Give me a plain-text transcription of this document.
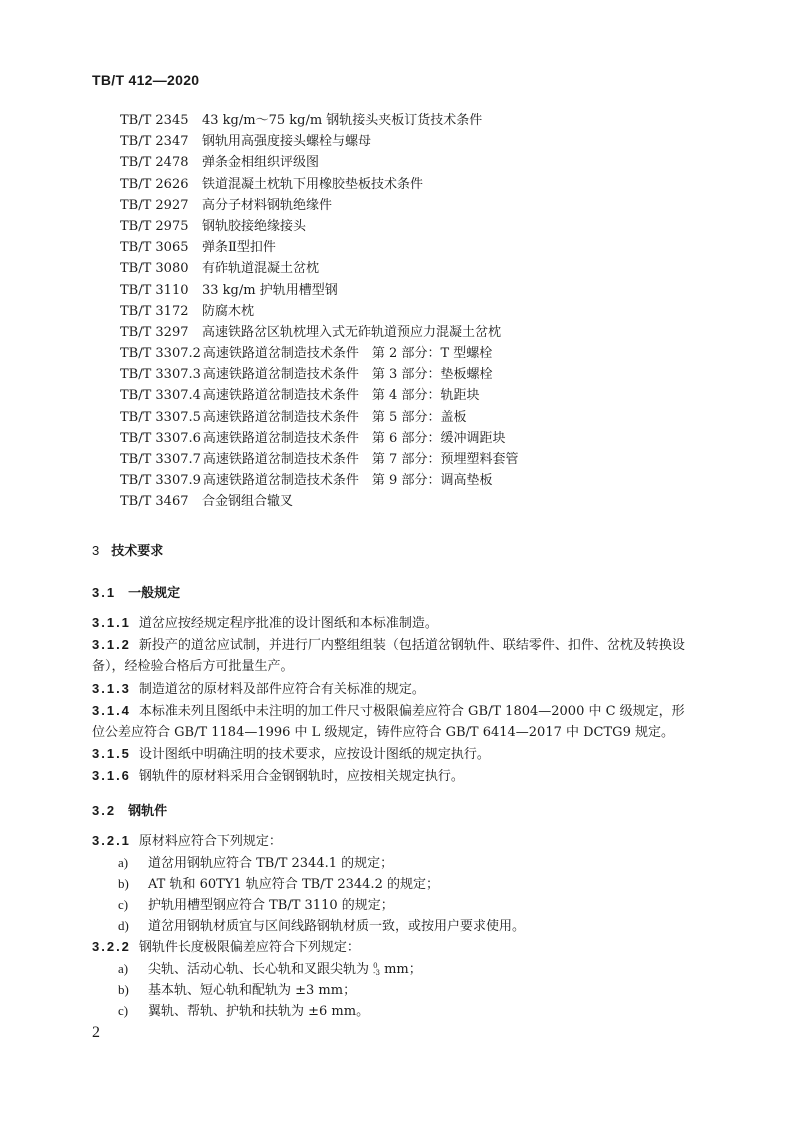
TB/T 412—2020
TB/T 2345 43 kg/m～75 kg/m 钢轨接头夹板订货技术条件
TB/T 2347 钢轨用高强度接头螺栓与螺母
TB/T 2478 弹条金相组织评级图
TB/T 2626 铁道混凝土枕轨下用橡胶垫板技术条件
TB/T 2927 高分子材料钢轨绝缘件
TB/T 2975 钢轨胶接绝缘接头
TB/T 3065 弹条Ⅱ型扣件
TB/T 3080 有砟轨道混凝土岔枕
TB/T 3110 33 kg/m 护轨用槽型钢
TB/T 3172 防腐木枕
TB/T 3297 高速铁路岔区轨枕埋入式无砟轨道预应力混凝土岔枕
TB/T 3307.2 高速铁路道岔制造技术条件　第 2 部分：T 型螺栓
TB/T 3307.3 高速铁路道岔制造技术条件　第 3 部分：垫板螺栓
TB/T 3307.4 高速铁路道岔制造技术条件　第 4 部分：轨距块
TB/T 3307.5 高速铁路道岔制造技术条件　第 5 部分：盖板
TB/T 3307.6 高速铁路道岔制造技术条件　第 6 部分：缓冲调距块
TB/T 3307.7 高速铁路道岔制造技术条件　第 7 部分：预埋塑料套管
TB/T 3307.9 高速铁路道岔制造技术条件　第 9 部分：调高垫板
TB/T 3467 合金钢组合辙叉
3 技术要求
3.1 一般规定
3.1.1 道岔应按经规定程序批准的设计图纸和本标准制造。
3.1.2 新投产的道岔应试制，并进行厂内整组组装（包括道岔钢轨件、联结零件、扣件、岔枕及转换设
备），经检验合格后方可批量生产。
3.1.3 制造道岔的原材料及部件应符合有关标准的规定。
3.1.4 本标准未列且图纸中未注明的加工件尺寸极限偏差应符合 GB/T 1804—2000 中 C 级规定，形
位公差应符合 GB/T 1184—1996 中 L 级规定，铸件应符合 GB/T 6414—2017 中 DCTG9 规定。
3.1.5 设计图纸中明确注明的技术要求，应按设计图纸的规定执行。
3.1.6 钢轨件的原材料采用合金钢钢轨时，应按相关规定执行。
3.2 钢轨件
3.2.1 原材料应符合下列规定：
a) 道岔用钢轨应符合 TB/T 2344.1 的规定；
b) AT 轨和 60TY1 轨应符合 TB/T 2344.2 的规定；
c) 护轨用槽型钢应符合 TB/T 3110 的规定；
d) 道岔用钢轨材质宜与区间线路钢轨材质一致，或按用户要求使用。
3.2.2 钢轨件长度极限偏差应符合下列规定：
a) 尖轨、活动心轨、长心轨和叉跟尖轨为 0
-3 mm；
b) 基本轨、短心轨和配轨为 ±3 mm；
c) 翼轨、帮轨、护轨和扶轨为 ±6 mm。
2
